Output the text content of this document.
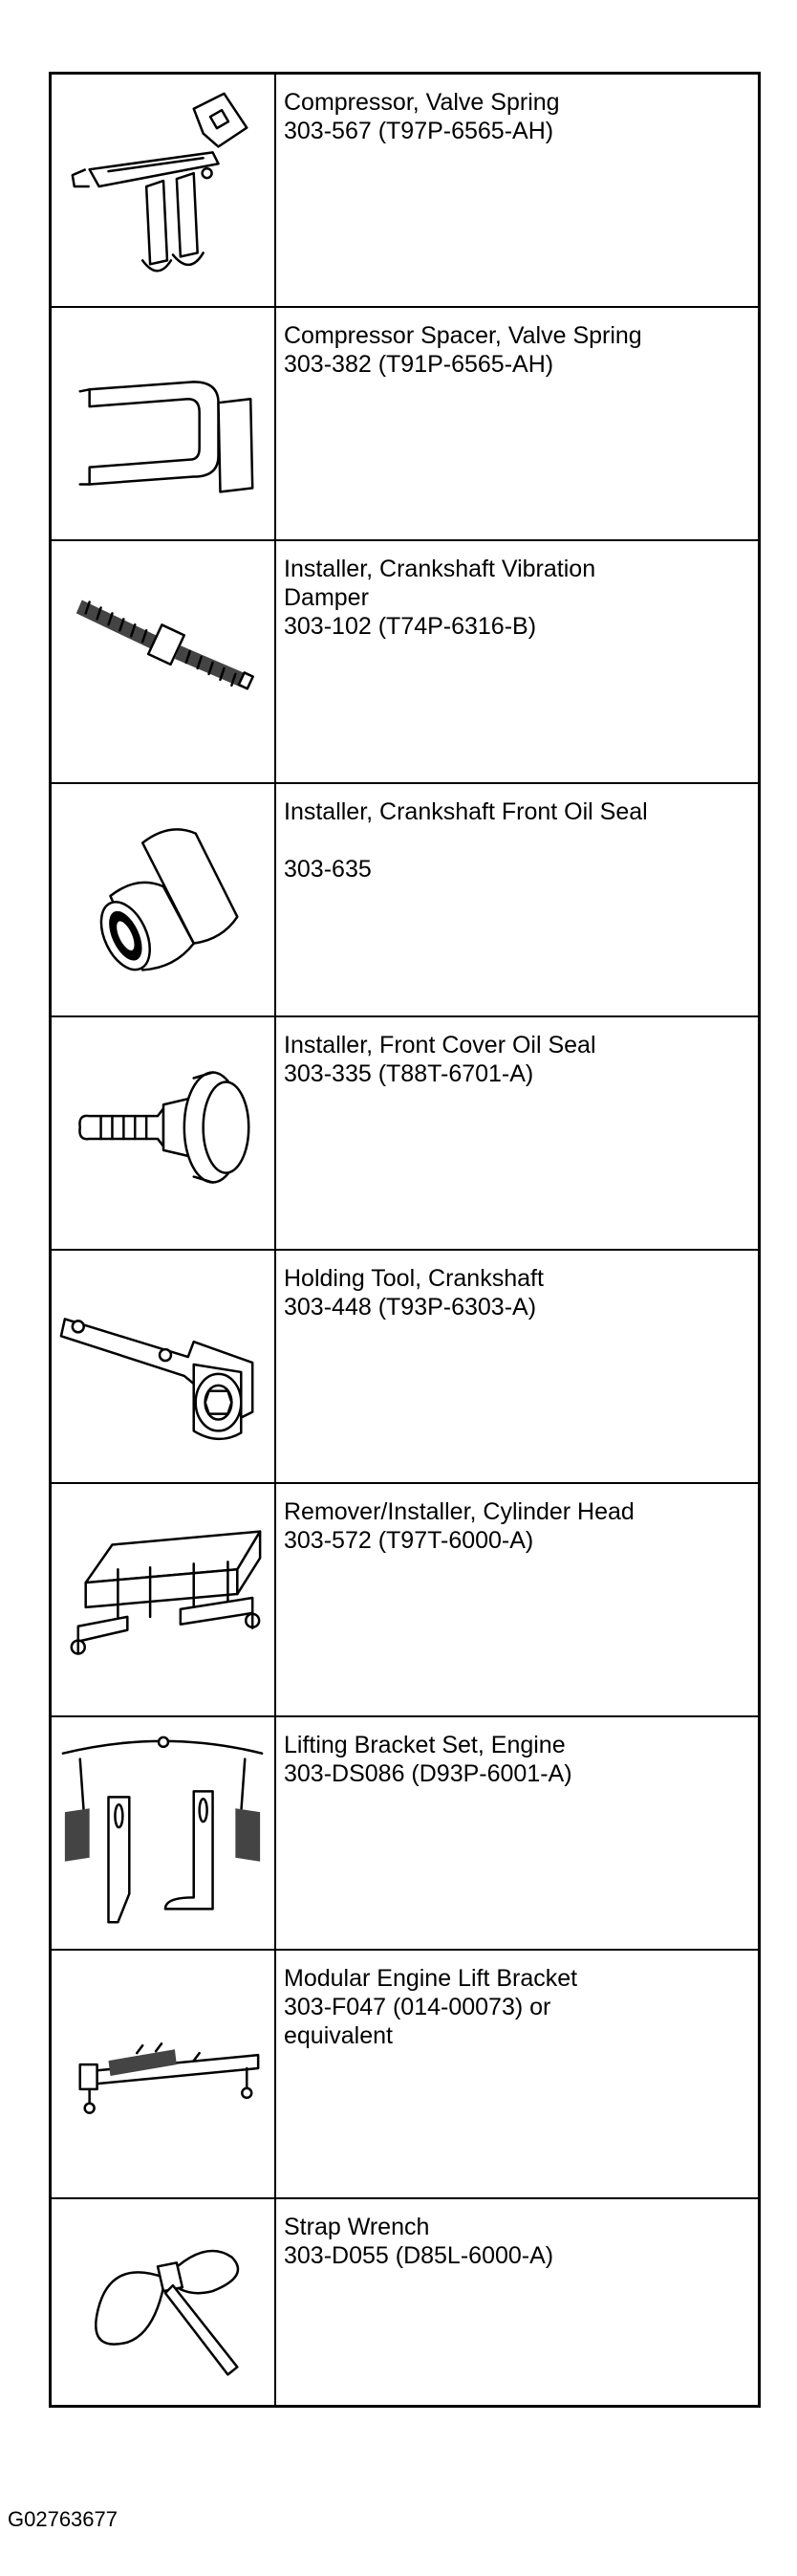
Compressor, Valve Spring
303-567 (T97P-6565-AH)
Compressor Spacer, Valve Spring
303-382 (T91P-6565-AH)
Installer, Crankshaft Vibration
Damper
303-102 (T74P-6316-B)
Installer, Crankshaft Front Oil Seal
303-635
Installer, Front Cover Oil Seal
303-335 (T88T-6701-A)
Holding Tool, Crankshaft
303-448 (T93P-6303-A)
Remover/Installer, Cylinder Head
303-572 (T97T-6000-A)
Lifting Bracket Set, Engine
303-DS086 (D93P-6001-A)
Modular Engine Lift Bracket
303-F047 (014-00073) or
equivalent
Strap Wrench
303-D055 (D85L-6000-A)
G02763677
